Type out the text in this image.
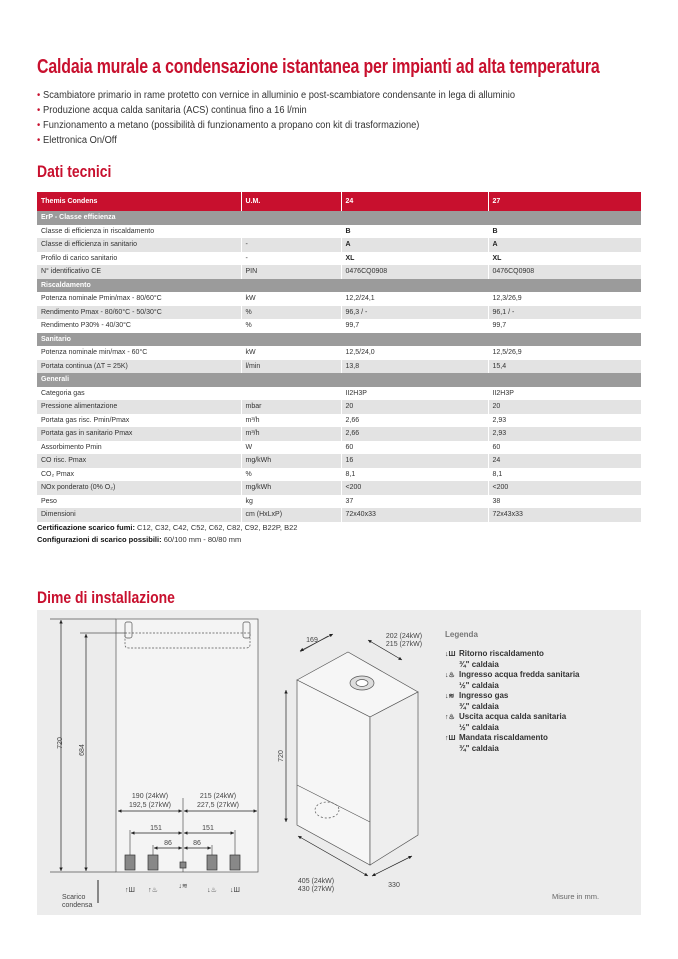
Caldaia murale a condensazione istantanea per impianti ad alta temperatura
• Scambiatore primario in rame protetto con vernice in alluminio e post-scambiatore condensante in lega di alluminio
• Produzione acqua calda sanitaria (ACS) continua fino a 16 l/min
• Funzionamento a metano (possibilità di funzionamento a propano con kit di trasformazione)
• Elettronica On/Off
Dati tecnici
Themis Condens	U.M.	24	27
ErP - Classe efficienza			
Classe di efficienza in riscaldamento		B	B
Classe di efficienza in sanitario	-	A	A
Profilo di carico sanitario	-	XL	XL
N° identificativo CE	PIN	0476CQ0908	0476CQ0908
Riscaldamento			
Potenza nominale Pmin/max - 80/60°C	kW	12,2/24,1	12,3/26,9
Rendimento Pmax - 80/60°C - 50/30°C	%	96,3 / -	96,1 / -
Rendimento P30% - 40/30°C	%	99,7	99,7
Sanitario			
Potenza nominale min/max - 60°C	kW	12,5/24,0	12,5/26,9
Portata continua (ΔT = 25K)	l/min	13,8	15,4
Generali			
Categoria gas		II2H3P	II2H3P
Pressione alimentazione	mbar	20	20
Portata gas risc. Pmin/Pmax	m³/h	2,66	2,93
Portata gas in sanitario Pmax	m³/h	2,66	2,93
Assorbimento Pmin	W	60	60
CO risc. Pmax	mg/kWh	16	24
CO₂ Pmax	%	8,1	8,1
NOx ponderato (0% O₂)	mg/kWh	<200	<200
Peso	kg	37	38
Dimensioni	cm (HxLxP)	72x40x33	72x43x33
Certificazione scarico fumi: C12, C32, C42, C52, C62, C82, C92, B22P, B22
Configurazioni di scarico possibili: 60/100 mm - 80/80 mm
Dime di installazione
720
684
190 (24kW)
192,5 (27kW)
215 (24kW)
227,5 (27kW)
151	151
86	86
↑Ш ↑♨
↓≋
↓♨ ↓Ш
Scarico
condensa
169
202 (24kW)
215 (27kW)
720
405 (24kW)
430 (27kW)
330
Legenda
↓Ш Ritorno riscaldamento
¾" caldaia
↓♨ Ingresso acqua fredda sanitaria
½" caldaia
↓≋ Ingresso gas
¾" caldaia
↑♨ Uscita acqua calda sanitaria
½" caldaia
↑Ш Mandata riscaldamento
¾" caldaia
Misure in mm.
